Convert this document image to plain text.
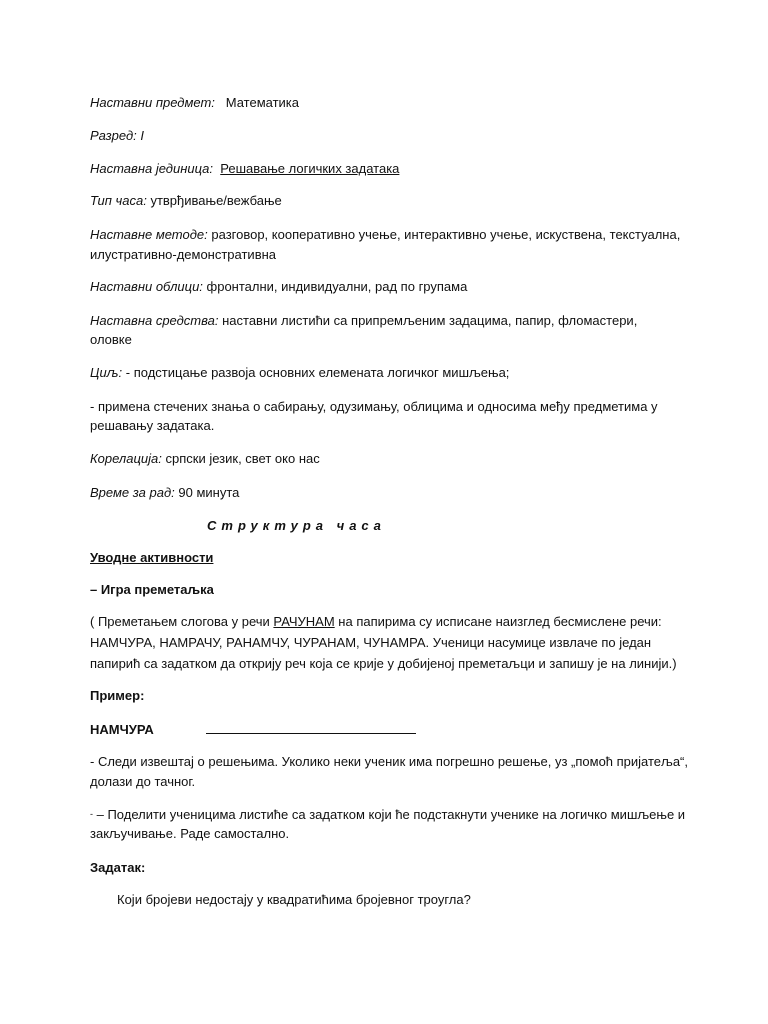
Наставни предмет: Математика
Разред: I
Наставна јединица: Решавање логичких задатака
Тип часа: утврђивање/вежбање
Наставне методе: разговор, кооперативно учење, интерактивно учење, искуствена, текстуална,
илустративно-демонстративна
Наставни облици: фронтални, индивидуални, рад по групама
Наставна средства: наставни листићи са припремљеним задацима, папир, фломастери,
оловке
Циљ: - подстицање развоја основних елемената логичког мишљења;
- примена стечених знања о сабирању, одузимању, облицима и односима међу предметима у
решавању задатака.
Корелација: српски језик, свет око нас
Време за рад: 90 минута
Структура часа
Уводне активности
– Игра преметаљка
( Преметањем слогова у речи РАЧУНАМ на папирима су исписане наизглед бесмислене речи:
НАМЧУРА, НАМРАЧУ, РАНАМЧУ, ЧУРАНАМ, ЧУНАМРА. Ученици насумице извлаче по један
папирић са задатком да открију реч која се крије у добијеној преметаљци и запишу је на линији.)
Пример:
НАМЧУРА
- Следи извештај о решењима. Уколико неки ученик има погрешно решење, уз „помоћ пријатеља“,
долази до тачног.
- – Поделити ученицима листиће са задатком који ће подстакнути ученике на логичко мишљење и
закључивање. Раде самостално.
Задатак:
Који бројеви недостају у квадратићима бројевног троугла?
